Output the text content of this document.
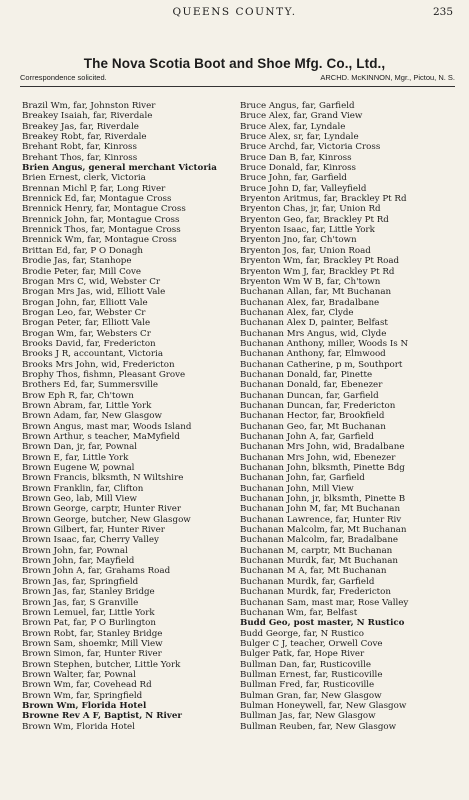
QUEENS COUNTY.	235
The Nova Scotia Boot and Shoe Mfg. Co., Ltd.,
Correspondence solicited.	ARCHD. McKINNON, Mgr., Pictou, N. S.
Brazil Wm, far, Johnston River
Breakey Isaiah, far, Riverdale
Breakey Jas, far, Riverdale
Breakey Robt, far, Riverdale
Brehant Robt, far, Kinross
Brehant Thos, far, Kinross
Brien Angus, general merchant Victoria
Brien Ernest, clerk, Victoria
Brennan Michl P, far, Long River
Brennick Ed, far, Montague Cross
Brennick Henry, far, Montague Cross
Brennick John, far, Montague Cross
Brennick Thos, far, Montague Cross
Brennick Wm, far, Montague Cross
Brittan Ed, far, P O Donagh
Brodie Jas, far, Stanhope
Brodie Peter, far, Mill Cove
Brogan Mrs C, wid, Webster Cr
Brogan Mrs Jas, wid, Elliott Vale
Brogan John, far, Elliott Vale
Brogan Leo, far, Webster Cr
Brogan Peter, far, Elliott Vale
Brogan Wm, far, Websters Cr
Brooks David, far, Fredericton
Brooks J R, accountant, Victoria
Brooks Mrs John, wid, Fredericton
Brophy Thos, fishmn, Pleasant Grove
Brothers Ed, far, Summersville
Brow Eph R, far, Ch'town
Brown Abram, far, Little York
Brown Adam, far, New Glasgow
Brown Angus, mast mar, Woods Island
Brown Arthur, s teacher, MaMyfield
Brown Dan, jr, far, Pownal
Brown E, far, Little York
Brown Eugene W, pownal
Brown Francis, blksmth, N Wiltshire
Brown Franklin, far, Clifton
Brown Geo, lab, Mill View
Brown George, carptr, Hunter River
Brown George, butcher, New Glasgow
Brown Gilbert, far, Hunter River
Brown Isaac, far, Cherry Valley
Brown John, far, Pownal
Brown John, far, Mayfield
Brown John A, far, Grahams Road
Brown Jas, far, Springfield
Brown Jas, far, Stanley Bridge
Brown Jas, far, S Granville
Brown Lemuel, far, Little York
Brown Pat, far, P O Burlington
Brown Robt, far, Stanley Bridge
Brown Sam, shoemkr, Mill View
Brown Simon, far, Hunter River
Brown Stephen, butcher, Little York
Brown Walter, far, Pownal
Brown Wm, far, Covehead Rd
Brown Wm, far, Springfield
Brown Wm, Florida Hotel
Browne Rev A F, Baptist, N River
Brown Wm, Florida Hotel
Bruce Angus, far, Garfield
Bruce Alex, far, Grand View
Bruce Alex, far, Lyndale
Bruce Alex, sr, far, Lyndale
Bruce Archd, far, Victoria Cross
Bruce Dan B, far, Kinross
Bruce Donald, far, Kinross
Bruce John, far, Garfield
Bruce John D, far, Valleyfield
Bryenton Aritmus, far, Brackley Pt Rd
Bryenton Chas, jr, far, Union Rd
Bryenton Geo, far, Brackley Pt Rd
Bryenton Isaac, far, Little York
Bryenton Jno, far, Ch'town
Bryenton Jos, far, Union Road
Bryenton Wm, far, Brackley Pt Road
Bryenton Wm J, far, Brackley Pt Rd
Bryenton Wm W B, far, Ch'town
Buchanan Allan, far, Mt Buchanan
Buchanan Alex, far, Bradalbane
Buchanan Alex, far, Clyde
Buchanan Alex D, painter, Belfast
Buchanan Mrs Angus, wid, Clyde
Buchanan Anthony, miller, Woods Is N
Buchanan Anthony, far, Elmwood
Buchanan Catherine, p m, Southport
Buchanan Donald, far, Pinette
Buchanan Donald, far, Ebenezer
Buchanan Duncan, far, Garfield
Buchanan Duncan, far, Fredericton
Buchanan Hector, far, Brookfield
Buchanan Geo, far, Mt Buchanan
Buchanan John A, far, Garfield
Buchanan Mrs John, wid, Bradalbane
Buchanan Mrs John, wid, Ebenezer
Buchanan John, blksmth, Pinette Bdg
Buchanan John, far, Garfield
Buchanan John, Mill View
Buchanan John, jr, blksmth, Pinette B
Buchanan John M, far, Mt Buchanan
Buchanan Lawrence, far, Hunter Riv
Buchanan Malcolm, far, Mt Buchanan
Buchanan Malcolm, far, Bradalbane
Buchanan M, carptr, Mt Buchanan
Buchanan Murdk, far, Mt Buchanan
Buchanan M A, far, Mt Buchanan
Buchanan Murdk, far, Garfield
Buchanan Murdk, far, Fredericton
Buchanan Sam, mast mar, Rose Valley
Buchanan Wm, far, Belfast
Budd Geo, post master, N Rustico
Budd George, far, N Rustico
Bulger C J, teacher, Orwell Cove
Bulger Patk, far, Hope River
Bullman Dan, far, Rusticoville
Bullman Ernest, far, Rusticoville
Bullman Fred, far, Rusticoville
Bulman Gran, far, New Glasgow
Bulman Honeywell, far, New Glasgow
Bullman Jas, far, New Glasgow
Bullman Reuben, far, New Glasgow
